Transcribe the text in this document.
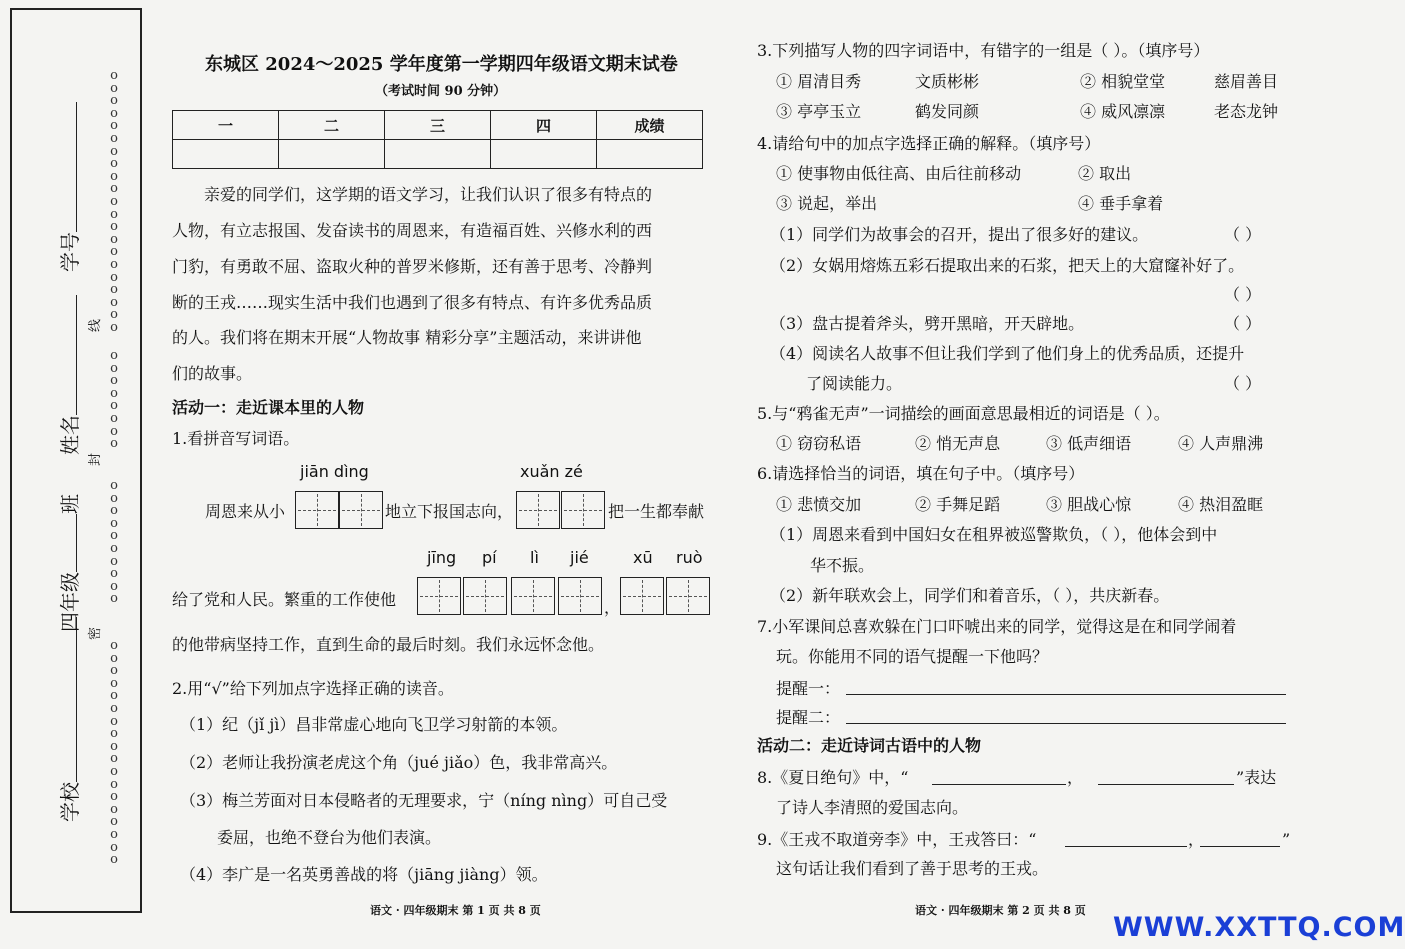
ooooooooooooooooooooo
oooooooo
oooooooooo
oooooooooooooooooo
封
线
密
学校
四年级班
姓名
学号
东城区 2024～2025 学年度第一学期四年级语文期末试卷
（考试时间 90 分钟）
一	二	三	四	成绩

亲爱的同学们，这学期的语文学习，让我们认识了很多有特点的
人物，有立志报国、发奋读书的周恩来，有造福百姓、兴修水利的西
门豹，有勇敢不屈、盗取火种的普罗米修斯，还有善于思考、冷静判
断的王戎……现实生活中我们也遇到了很多有特点、有许多优秀品质
的人。我们将在期末开展“人物故事 精彩分享”主题活动，来讲讲他
们的故事。
活动一：走近课本里的人物
1.看拼音写词语。
jiān dìng	xuǎn zé
周恩来从小	地立下报国志向，	把一生都奉献
jīng pí lì jié	xū ruò
给了党和人民。繁重的工作使他	，
的他带病坚持工作，直到生命的最后时刻。我们永远怀念他。
2.用“√”给下列加点字选择正确的读音。
（1）纪（jǐ jì）昌非常虚心地向飞卫学习射箭的本领。
（2）老师让我扮演老虎这个角（jué jiǎo）色，我非常高兴。
（3）梅兰芳面对日本侵略者的无理要求，宁（níng nìng）可自己受
委屈，也绝不登台为他们表演。
（4）李广是一名英勇善战的将（jiāng jiàng）领。
语文 · 四年级期末 第 1 页 共 8 页
3.下列描写人物的四字词语中，有错字的一组是（ ）。（填序号）
① 眉清目秀	文质彬彬	② 相貌堂堂	慈眉善目
③ 亭亭玉立	鹤发同颜	④ 威风凛凛	老态龙钟
4.请给句中的加点字选择正确的解释。（填序号）
① 使事物由低往高、由后往前移动	② 取出
③ 说起，举出	④ 垂手拿着
（1）同学们为故事会的召开，提出了很多好的建议。	（ ）
（2）女娲用熔炼五彩石提取出来的石浆，把天上的大窟窿补好了。
（ ）
（3）盘古提着斧头，劈开黑暗，开天辟地。	（ ）
（4）阅读名人故事不但让我们学到了他们身上的优秀品质，还提升
了阅读能力。	（ ）
5.与“鸦雀无声”一词描绘的画面意思最相近的词语是（ ）。
① 窃窃私语	② 悄无声息	③ 低声细语	④ 人声鼎沸
6.请选择恰当的词语，填在句子中。（填序号）
① 悲愤交加	② 手舞足蹈	③ 胆战心惊	④ 热泪盈眶
（1）周恩来看到中国妇女在租界被巡警欺负，（ ），他体会到中
华不振。
（2）新年联欢会上，同学们和着音乐，（ ），共庆新春。
7.小军课间总喜欢躲在门口吓唬出来的同学，觉得这是在和同学闹着
玩。你能用不同的语气提醒一下他吗？
提醒一：
提醒二：
活动二：走近诗词古语中的人物
8.《夏日绝句》中，“	，	”表达
了诗人李清照的爱国志向。
9.《王戎不取道旁李》中，王戎答曰：“	，	”
这句话让我们看到了善于思考的王戎。
语文 · 四年级期末 第 2 页 共 8 页
WWW.XXTTQ.COM
